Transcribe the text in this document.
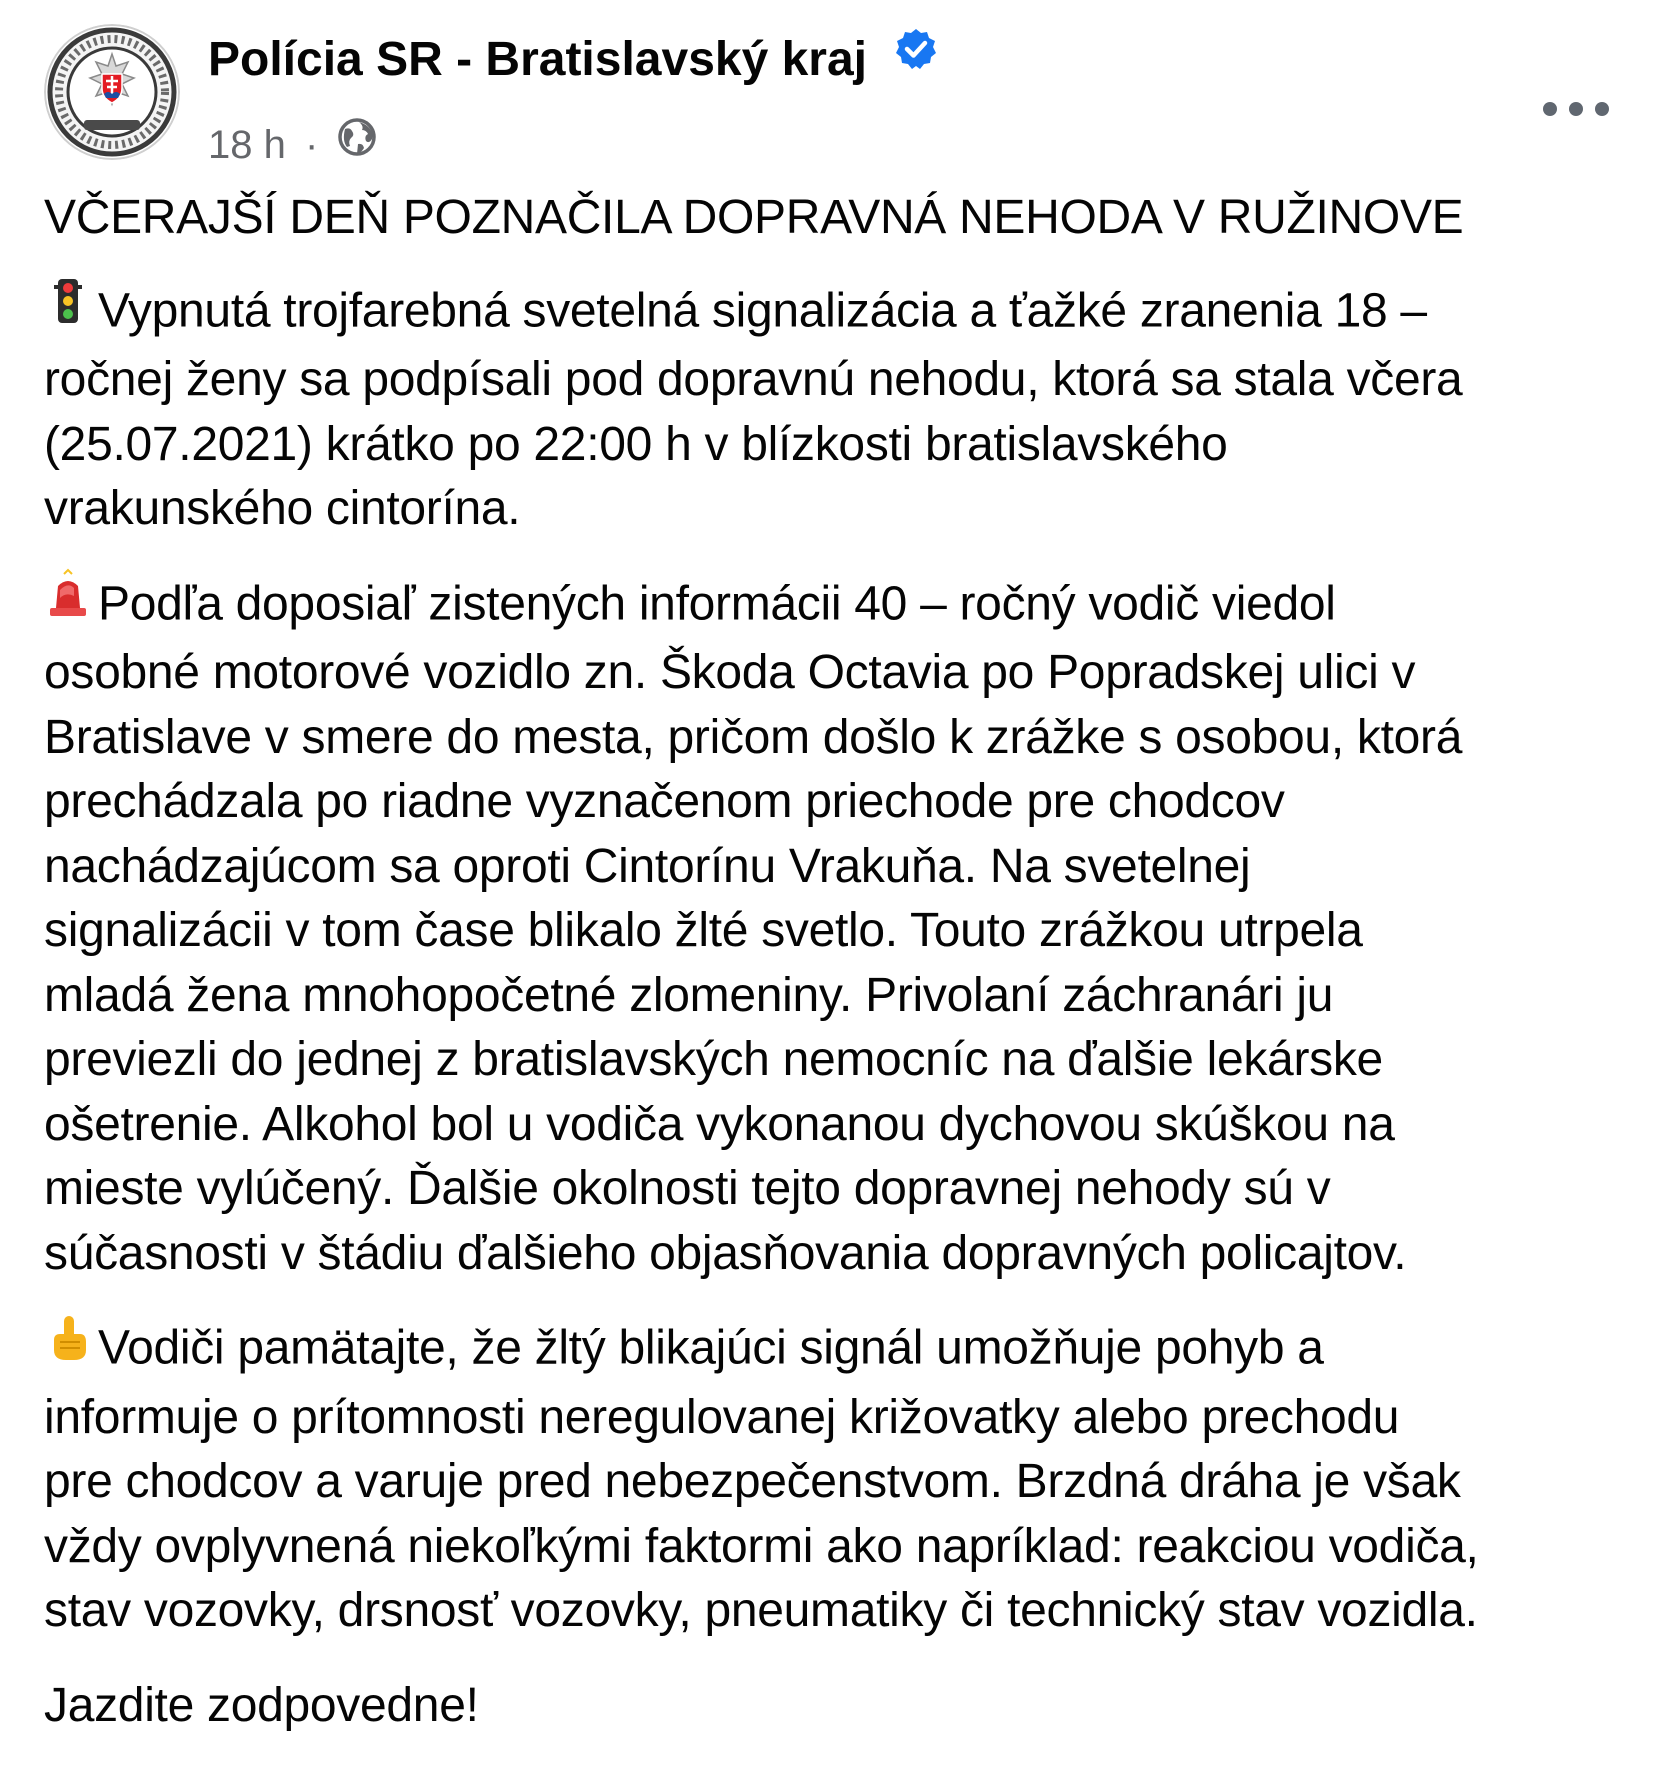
Polícia SR - Bratislavský kraj
18 h ·

VČERAJŠÍ DEŇ POZNAČILA DOPRAVNÁ NEHODA V RUŽINOVE

Vypnutá trojfarebná svetelná signalizácia a ťažké zranenia 18 –
ročnej ženy sa podpísali pod dopravnú nehodu, ktorá sa stala včera
(25.07.2021) krátko po 22:00 h v blízkosti bratislavského
vrakunského cintorína.

Podľa doposiaľ zistených informácii 40 – ročný vodič viedol
osobné motorové vozidlo zn. Škoda Octavia po Popradskej ulici v
Bratislave v smere do mesta, pričom došlo k zrážke s osobou, ktorá
prechádzala po riadne vyznačenom priechode pre chodcov
nachádzajúcom sa oproti Cintorínu Vrakuňa. Na svetelnej
signalizácii v tom čase blikalo žlté svetlo. Touto zrážkou utrpela
mladá žena mnohopočetné zlomeniny. Privolaní záchranári ju
previezli do jednej z bratislavských nemocníc na ďalšie lekárske
ošetrenie. Alkohol bol u vodiča vykonanou dychovou skúškou na
mieste vylúčený. Ďalšie okolnosti tejto dopravnej nehody sú v
súčasnosti v štádiu ďalšieho objasňovania dopravných policajtov.

Vodiči pamätajte, že žltý blikajúci signál umožňuje pohyb a
informuje o prítomnosti neregulovanej križovatky alebo prechodu
pre chodcov a varuje pred nebezpečenstvom. Brzdná dráha je však
vždy ovplyvnená niekoľkými faktormi ako napríklad: reakciou vodiča,
stav vozovky, drsnosť vozovky, pneumatiky či technický stav vozidla.

Jazdite zodpovedne!
